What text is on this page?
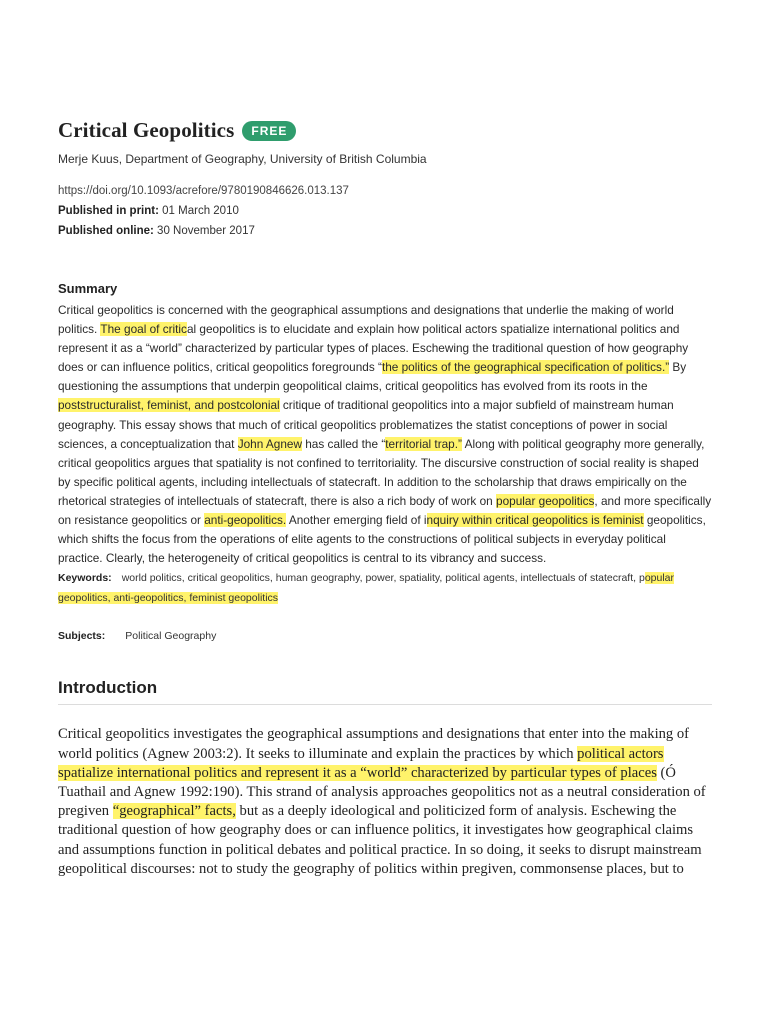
Critical Geopolitics	FREE
Merje Kuus, Department of Geography, University of British Columbia
https://doi.org/10.1093/acrefore/9780190846626.013.137
Published in print: 01 March 2010
Published online: 30 November 2017
Summary

Critical geopolitics is concerned with the geographical assumptions and designations that underlie the making of world politics. The goal of critical geopolitics is to elucidate and explain how political actors spatialize international politics and represent it as a “world” characterized by particular types of places. Eschewing the traditional question of how geography does or can influence politics, critical geopolitics foregrounds “the politics of the geographical specification of politics.” By questioning the assumptions that underpin geopolitical claims, critical geopolitics has evolved from its roots in the poststructuralist, feminist, and postcolonial critique of traditional geopolitics into a major subfield of mainstream human geography. This essay shows that much of critical geopolitics problematizes the statist conceptions of power in social sciences, a conceptualization that John Agnew has called the “territorial trap.” Along with political geography more generally, critical geopolitics argues that spatiality is not confined to territoriality. The discursive construction of social reality is shaped by specific political agents, including intellectuals of statecraft. In addition to the scholarship that draws empirically on the rhetorical strategies of intellectuals of statecraft, there is also a rich body of work on popular geopolitics, and more specifically on resistance geopolitics or anti-geopolitics. Another emerging field of inquiry within critical geopolitics is feminist geopolitics, which shifts the focus from the operations of elite agents to the constructions of political subjects in everyday political practice. Clearly, the heterogeneity of critical geopolitics is central to its vibrancy and success.

Keywords: world politics, critical geopolitics, human geography, power, spatiality, political agents, intellectuals of statecraft, popular geopolitics, anti-geopolitics, feminist geopolitics
Subjects: Political Geography
Introduction

Critical geopolitics investigates the geographical assumptions and designations that enter into the making of world politics (Agnew 2003:2). It seeks to illuminate and explain the practices by which political actors spatialize international politics and represent it as a “world” characterized by particular types of places (Ó Tuathail and Agnew 1992:190). This strand of analysis approaches geopolitics not as a neutral consideration of pregiven “geographical” facts, but as a deeply ideological and politicized form of analysis. Eschewing the traditional question of how geography does or can influence politics, it investigates how geographical claims and assumptions function in political debates and political practice. In so doing, it seeks to disrupt mainstream geopolitical discourses: not to study the geography of politics within pregiven, commonsense places, but to
